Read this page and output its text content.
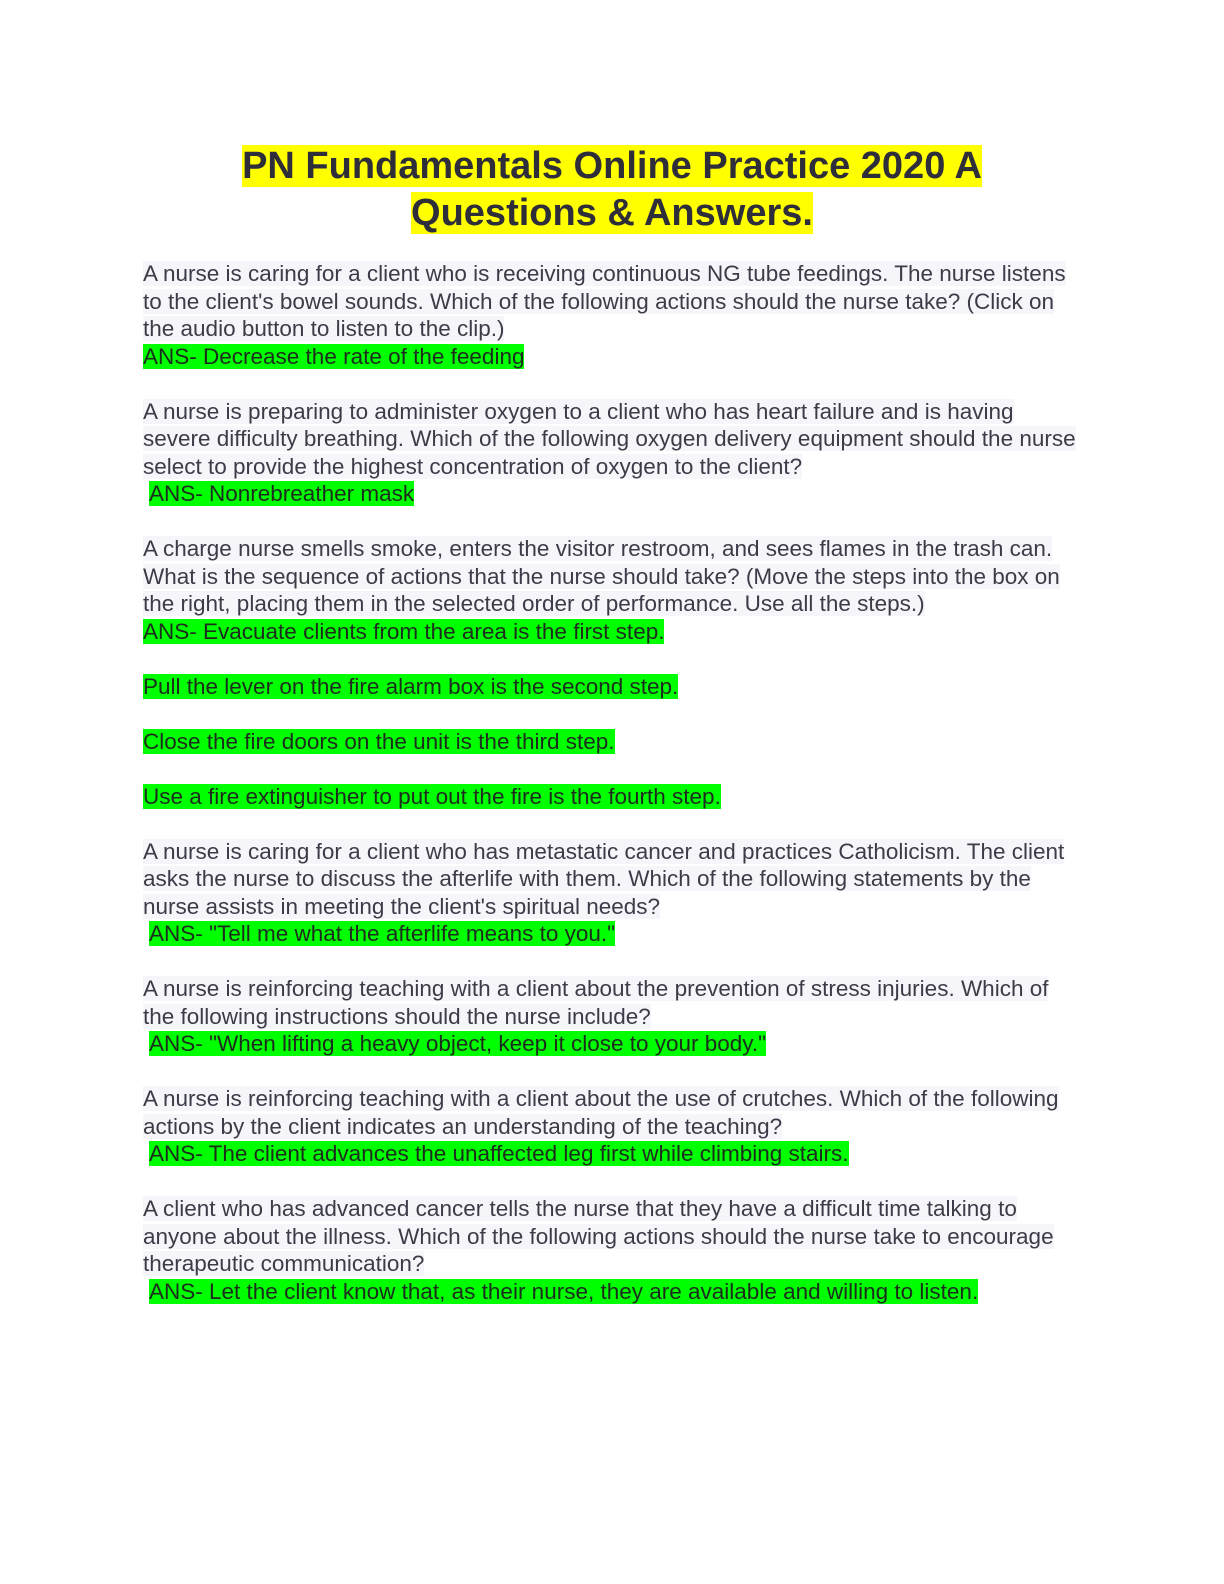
PN Fundamentals Online Practice 2020 A
Questions & Answers.

A nurse is caring for a client who is receiving continuous NG tube feedings. The nurse listens to the client's bowel sounds. Which of the following actions should the nurse take? (Click on the audio button to listen to the clip.)

ANS- Decrease the rate of the feeding

A nurse is preparing to administer oxygen to a client who has heart failure and is having severe difficulty breathing. Which of the following oxygen delivery equipment should the nurse select to provide the highest concentration of oxygen to the client?

ANS- Nonrebreather mask

A charge nurse smells smoke, enters the visitor restroom, and sees flames in the trash can. What is the sequence of actions that the nurse should take? (Move the steps into the box on the right, placing them in the selected order of performance. Use all the steps.)

ANS- Evacuate clients from the area is the first step.

Pull the lever on the fire alarm box is the second step.

Close the fire doors on the unit is the third step.

Use a fire extinguisher to put out the fire is the fourth step.

A nurse is caring for a client who has metastatic cancer and practices Catholicism. The client asks the nurse to discuss the afterlife with them. Which of the following statements by the nurse assists in meeting the client's spiritual needs?

ANS- "Tell me what the afterlife means to you."

A nurse is reinforcing teaching with a client about the prevention of stress injuries. Which of the following instructions should the nurse include?

ANS- "When lifting a heavy object, keep it close to your body."

A nurse is reinforcing teaching with a client about the use of crutches. Which of the following actions by the client indicates an understanding of the teaching?

ANS- The client advances the unaffected leg first while climbing stairs.

A client who has advanced cancer tells the nurse that they have a difficult time talking to anyone about the illness. Which of the following actions should the nurse take to encourage therapeutic communication?

ANS- Let the client know that, as their nurse, they are available and willing to listen.
